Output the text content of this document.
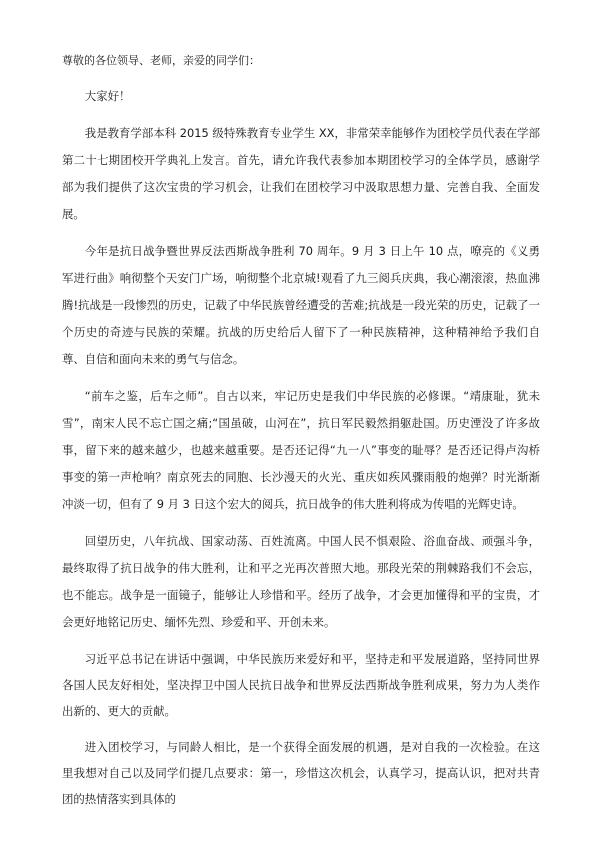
尊敬的各位领导、老师，亲爱的同学们：

大家好！

我是教育学部本科 2015 级特殊教育专业学生 XX，非常荣幸能够作为团校学员代表在学部第二十七期团校开学典礼上发言。首先，请允许我代表参加本期团校学习的全体学员，感谢学部为我们提供了这次宝贵的学习机会，让我们在团校学习中汲取思想力量、完善自我、全面发展。

今年是抗日战争暨世界反法西斯战争胜利 70 周年。9 月 3 日上午 10 点，嘹亮的《义勇军进行曲》响彻整个天安门广场，响彻整个北京城!观看了九三阅兵庆典，我心潮滚滚，热血沸腾!抗战是一段惨烈的历史，记载了中华民族曾经遭受的苦难;抗战是一段光荣的历史，记载了一个历史的奇迹与民族的荣耀。抗战的历史给后人留下了一种民族精神，这种精神给予我们自尊、自信和面向未来的勇气与信念。

“前车之鉴，后车之师”。自古以来，牢记历史是我们中华民族的必修课。“靖康耻，犹未雪”，南宋人民不忘亡国之痛;“国虽破，山河在”，抗日军民毅然捐躯赴国。历史湮没了许多故事，留下来的越来越少，也越来越重要。是否还记得“九一八”事变的耻辱？是否还记得卢沟桥事变的第一声枪响？南京死去的同胞、长沙漫天的火光、重庆如疾风骤雨般的炮弹？时光渐渐冲淡一切，但有了 9 月 3 日这个宏大的阅兵，抗日战争的伟大胜利将成为传唱的光辉史诗。

回望历史，八年抗战、国家动荡、百姓流离。中国人民不惧艰险、浴血奋战、顽强斗争，最终取得了抗日战争的伟大胜利，让和平之光再次普照大地。那段光荣的荆棘路我们不会忘，也不能忘。战争是一面镜子，能够让人珍惜和平。经历了战争，才会更加懂得和平的宝贵，才会更好地铭记历史、缅怀先烈、珍爱和平、开创未来。

习近平总书记在讲话中强调，中华民族历来爱好和平，坚持走和平发展道路，坚持同世界各国人民友好相处，坚决捍卫中国人民抗日战争和世界反法西斯战争胜利成果，努力为人类作出新的、更大的贡献。

进入团校学习，与同龄人相比，是一个获得全面发展的机遇，是对自我的一次检验。在这里我想对自己以及同学们提几点要求：第一，珍惜这次机会，认真学习，提高认识，把对共青团的热情落实到具体的
